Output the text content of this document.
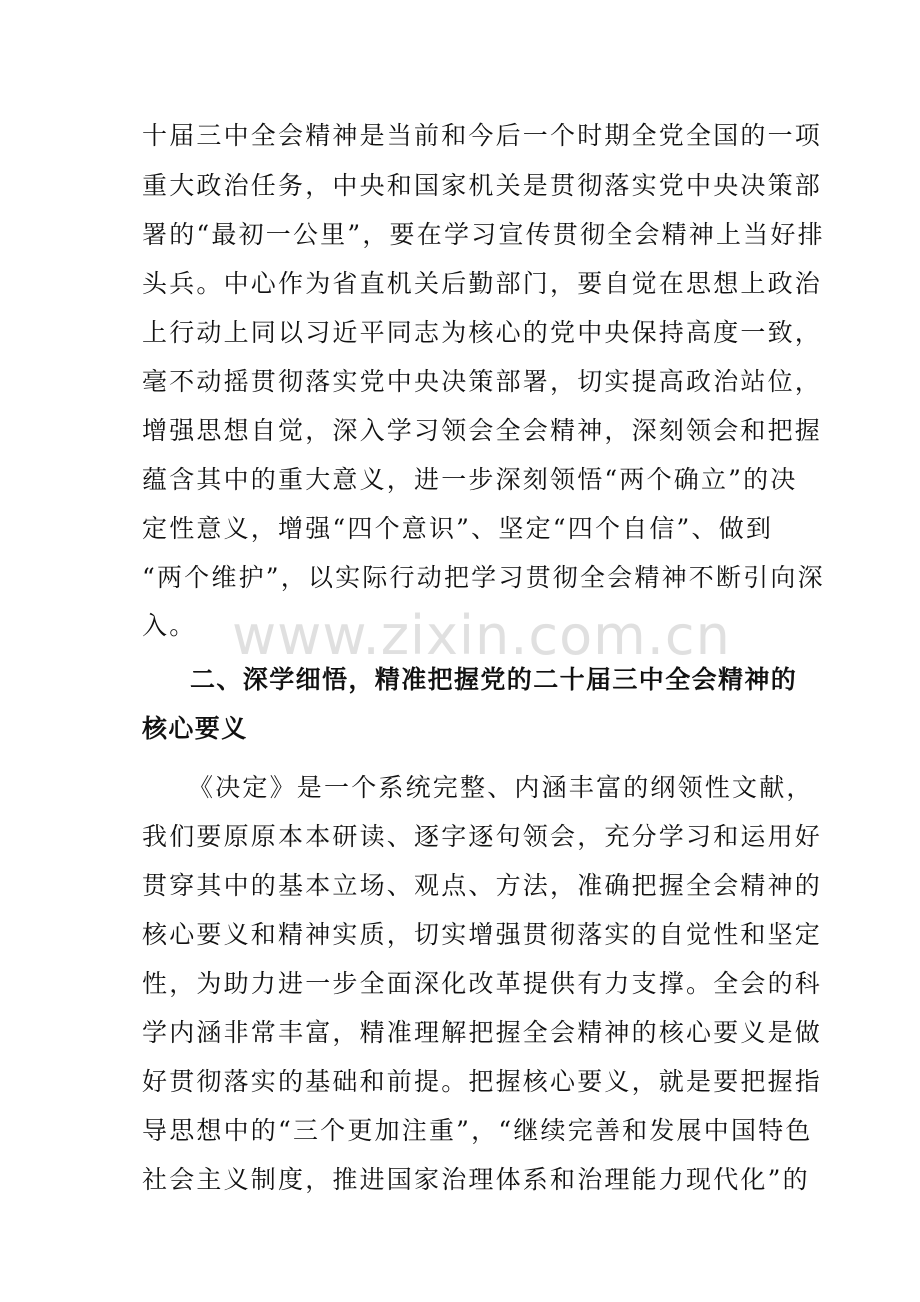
十届三中全会精神是当前和今后一个时期全党全国的一项
重大政治任务，中央和国家机关是贯彻落实党中央决策部
署的“最初一公里”，要在学习宣传贯彻全会精神上当好排
头兵。中心作为省直机关后勤部门，要自觉在思想上政治
上行动上同以习近平同志为核心的党中央保持高度一致，
毫不动摇贯彻落实党中央决策部署，切实提高政治站位，
增强思想自觉，深入学习领会全会精神，深刻领会和把握
蕴含其中的重大意义，进一步深刻领悟“两个确立”的决
定性意义，增强“四个意识”、坚定“四个自信”、做到
“两个维护”，以实际行动把学习贯彻全会精神不断引向深
入。 www.zixin.com.cn
二、深学细悟，精准把握党的二十届三中全会精神的
核心要义
《决定》是一个系统完整、内涵丰富的纲领性文献，
我们要原原本本研读、逐字逐句领会，充分学习和运用好
贯穿其中的基本立场、观点、方法，准确把握全会精神的
核心要义和精神实质，切实增强贯彻落实的自觉性和坚定
性，为助力进一步全面深化改革提供有力支撑。全会的科
学内涵非常丰富，精准理解把握全会精神的核心要义是做
好贯彻落实的基础和前提。把握核心要义，就是要把握指
导思想中的“三个更加注重”，“继续完善和发展中国特色
社会主义制度，推进国家治理体系和治理能力现代化”的
